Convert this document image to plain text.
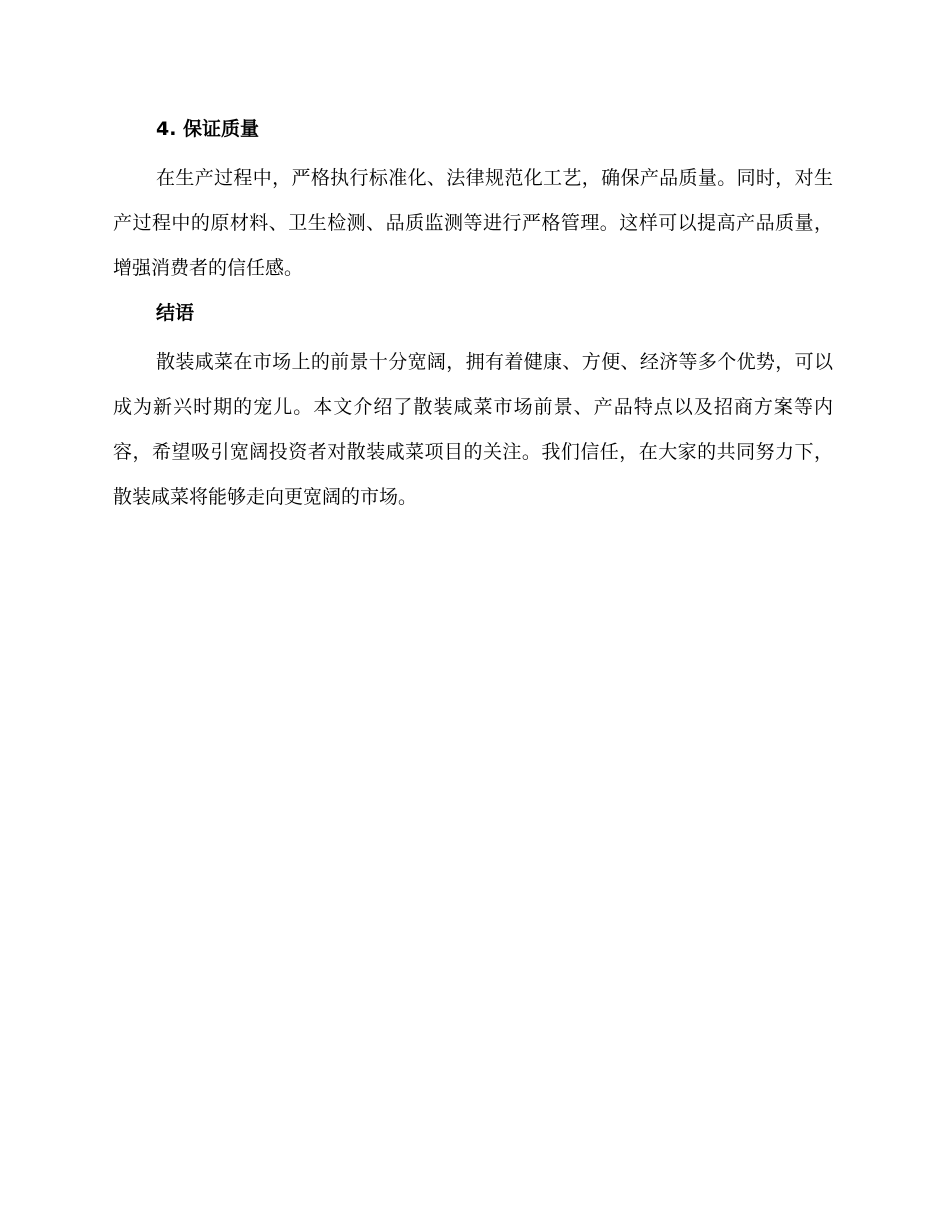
4. 保证质量

在生产过程中，严格执行标准化、法律规范化工艺，确保产品质量。同时，对生产过程中的原材料、卫生检测、品质监测等进行严格管理。这样可以提高产品质量，增强消费者的信任感。

结语

散装咸菜在市场上的前景十分宽阔，拥有着健康、方便、经济等多个优势，可以成为新兴时期的宠儿。本文介绍了散装咸菜市场前景、产品特点以及招商方案等内容，希望吸引宽阔投资者对散装咸菜项目的关注。我们信任，在大家的共同努力下，散装咸菜将能够走向更宽阔的市场。
